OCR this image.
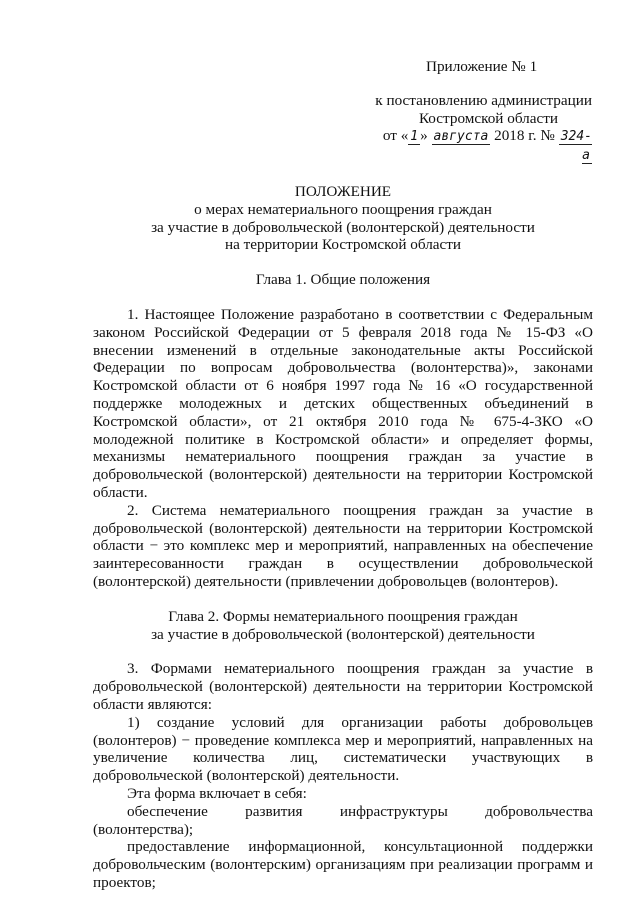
Приложение № 1
к постановлению администрации
Костромской области
от « 1 » августа 2018 г. № 324-а
ПОЛОЖЕНИЕ
о мерах нематериального поощрения граждан
за участие в добровольческой (волонтерской) деятельности
на территории Костромской области
Глава 1. Общие положения

1. Настоящее Положение разработано в соответствии с Федеральным законом Российской Федерации от 5 февраля 2018 года № 15-ФЗ «О внесении изменений в отдельные законодательные акты Российской Федерации по вопросам добровольчества (волонтерства)», законами Костромской области от 6 ноября 1997 года № 16 «О государственной поддержке молодежных и детских общественных объединений в Костромской области», от 21 октября 2010 года № 675-4-ЗКО «О молодежной политике в Костромской области» и определяет формы, механизмы нематериального поощрения граждан за участие в добровольческой (волонтерской) деятельности на территории Костромской области.

2. Система нематериального поощрения граждан за участие в добровольческой (волонтерской) деятельности на территории Костромской области − это комплекс мер и мероприятий, направленных на обеспечение заинтересованности граждан в осуществлении добровольческой (волонтерской) деятельности (привлечении добровольцев (волонтеров).

Глава 2. Формы нематериального поощрения граждан
за участие в добровольческой (волонтерской) деятельности

3. Формами нематериального поощрения граждан за участие в добровольческой (волонтерской) деятельности на территории Костромской области являются:

1) создание условий для организации работы добровольцев (волонтеров) − проведение комплекса мер и мероприятий, направленных на увеличение количества лиц, систематически участвующих в добровольческой (волонтерской) деятельности.

Эта форма включает в себя:

обеспечение развития инфраструктуры добровольчества (волонтерства);

предоставление информационной, консультационной поддержки добровольческим (волонтерским) организациям при реализации программ и проектов;
